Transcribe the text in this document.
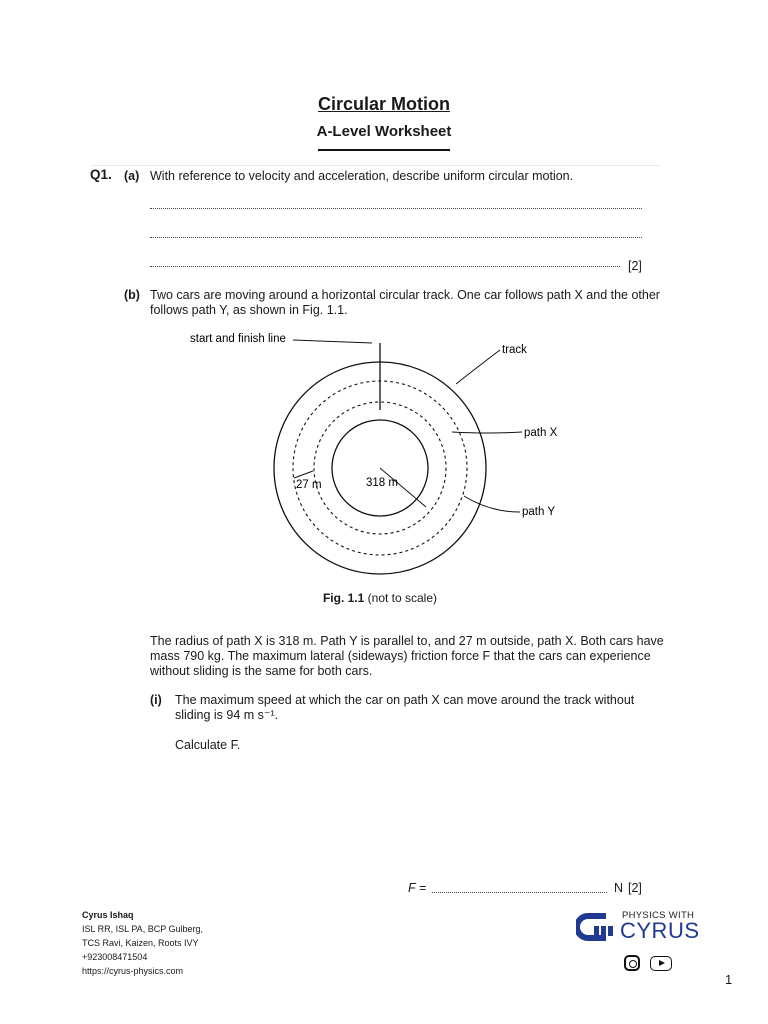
Circular Motion
A-Level Worksheet
Q1. (a) With reference to velocity and acceleration, describe uniform circular motion.
[2]
(b) Two cars are moving around a horizontal circular track. One car follows path X and the other
follows path Y, as shown in Fig. 1.1.
start and finish line
track
path X
path Y
318 m
27 m
Fig. 1.1 (not to scale)
The radius of path X is 318 m. Path Y is parallel to, and 27 m outside, path X. Both cars have
mass 790 kg. The maximum lateral (sideways) friction force F that the cars can experience
without sliding is the same for both cars.
(i) The maximum speed at which the car on path X can move around the track without
sliding is 94 m s⁻¹.
Calculate F.
F =	N [2]
Cyrus Ishaq
ISL RR, ISL PA, BCP Gulberg,
TCS Ravi, Kaizen, Roots IVY
+923008471504
https://cyrus-physics.com
PHYSICS WITH
CYRUS
1
